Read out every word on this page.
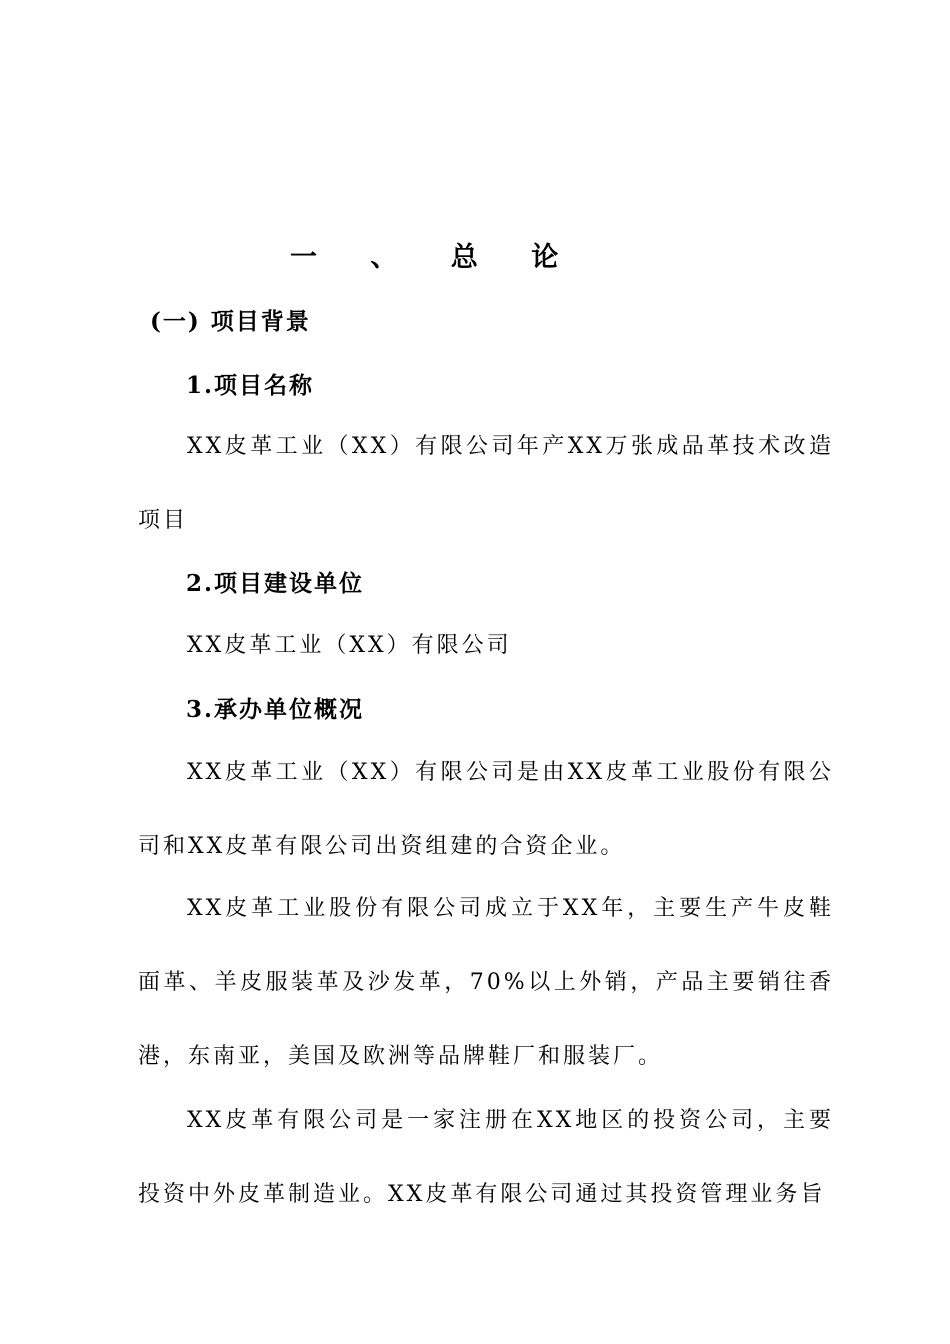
一 、 总 论
(一) 项目背景
1.项目名称
XX皮革工业（XX）有限公司年产XX万张成品革技术改造项目
2.项目建设单位
XX皮革工业（XX）有限公司
3.承办单位概况
XX皮革工业（XX）有限公司是由XX皮革工业股份有限公司和XX皮革有限公司出资组建的合资企业。
XX皮革工业股份有限公司成立于XX年，主要生产牛皮鞋面革、羊皮服装革及沙发革，70%以上外销，产品主要销往香港，东南亚，美国及欧洲等品牌鞋厂和服装厂。
XX皮革有限公司是一家注册在XX地区的投资公司，主要投资中外皮革制造业。XX皮革有限公司通过其投资管理业务旨
